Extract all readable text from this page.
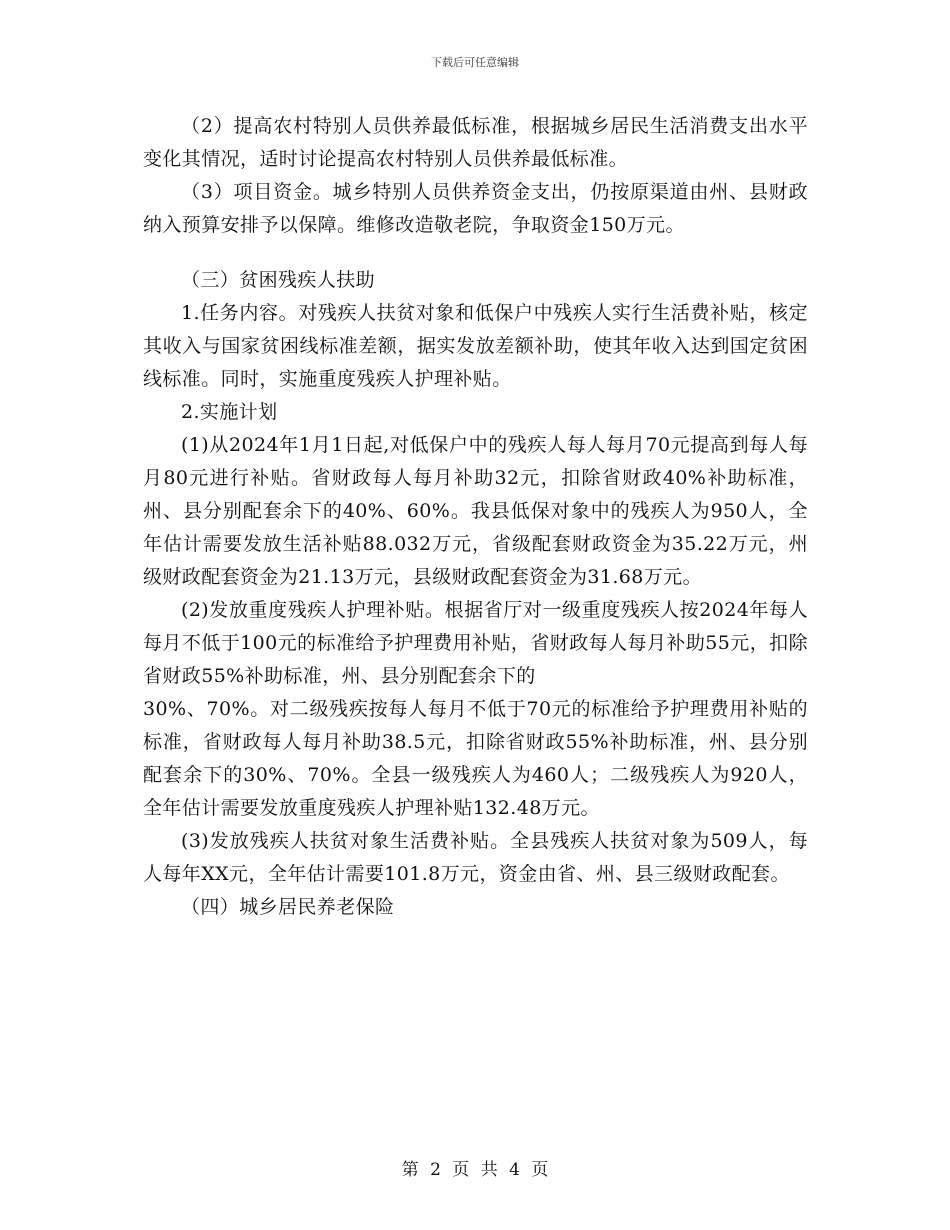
下载后可任意编辑

（2）提高农村特别人员供养最低标准，根据城乡居民生活消费支出水平变化其情况，适时讨论提高农村特别人员供养最低标准。

（3）项目资金。城乡特别人员供养资金支出，仍按原渠道由州、县财政纳入预算安排予以保障。维修改造敬老院，争取资金150万元。

（三）贫困残疾人扶助

1.任务内容。对残疾人扶贫对象和低保户中残疾人实行生活费补贴，核定其收入与国家贫困线标准差额，据实发放差额补助，使其年收入达到国定贫困线标准。同时，实施重度残疾人护理补贴。

2.实施计划

(1)从2024年1月1日起,对低保户中的残疾人每人每月70元提高到每人每月80元进行补贴。省财政每人每月补助32元，扣除省财政40%补助标准，州、县分别配套余下的40%、60%。我县低保对象中的残疾人为950人，全年估计需要发放生活补贴88.032万元，省级配套财政资金为35.22万元，州级财政配套资金为21.13万元，县级财政配套资金为31.68万元。

(2)发放重度残疾人护理补贴。根据省厅对一级重度残疾人按2024年每人每月不低于100元的标准给予护理费用补贴，省财政每人每月补助55元，扣除省财政55%补助标准，州、县分别配套余下的

30%、70%。对二级残疾按每人每月不低于70元的标准给予护理费用补贴的标准，省财政每人每月补助38.5元，扣除省财政55%补助标准，州、县分别配套余下的30%、70%。全县一级残疾人为460人；二级残疾人为920人，全年估计需要发放重度残疾人护理补贴132.48万元。

(3)发放残疾人扶贫对象生活费补贴。全县残疾人扶贫对象为509人，每人每年XX元，全年估计需要101.8万元，资金由省、州、县三级财政配套。

（四）城乡居民养老保险

第 2 页 共 4 页
